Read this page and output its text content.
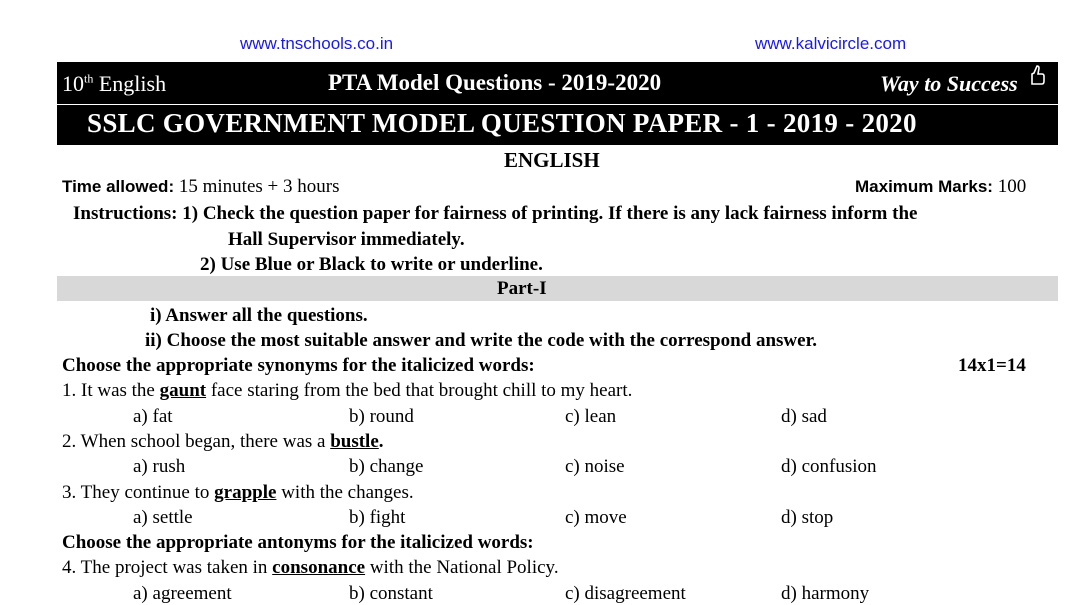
www.tnschools.co.in	www.kalvicircle.com
10th English	PTA Model Questions - 2019-2020	Way to Success
SSLC GOVERNMENT MODEL QUESTION PAPER - 1 - 2019 - 2020
ENGLISH
Time allowed: 15 minutes + 3 hours	Maximum Marks: 100
Instructions: 1) Check the question paper for fairness of printing. If there is any lack fairness inform the
Hall Supervisor immediately.
2) Use Blue or Black to write or underline.
Part-I
i) Answer all the questions.
ii) Choose the most suitable answer and write the code with the correspond answer.
Choose the appropriate synonyms for the italicized words:	14x1=14
1. It was the gaunt face staring from the bed that brought chill to my heart.
a) fat	b) round	c) lean	d) sad
2. When school began, there was a bustle.
a) rush	b) change	c) noise	d) confusion
3. They continue to grapple with the changes.
a) settle	b) fight	c) move	d) stop
Choose the appropriate antonyms for the italicized words:
4. The project was taken in consonance with the National Policy.
a) agreement	b) constant	c) disagreement	d) harmony
